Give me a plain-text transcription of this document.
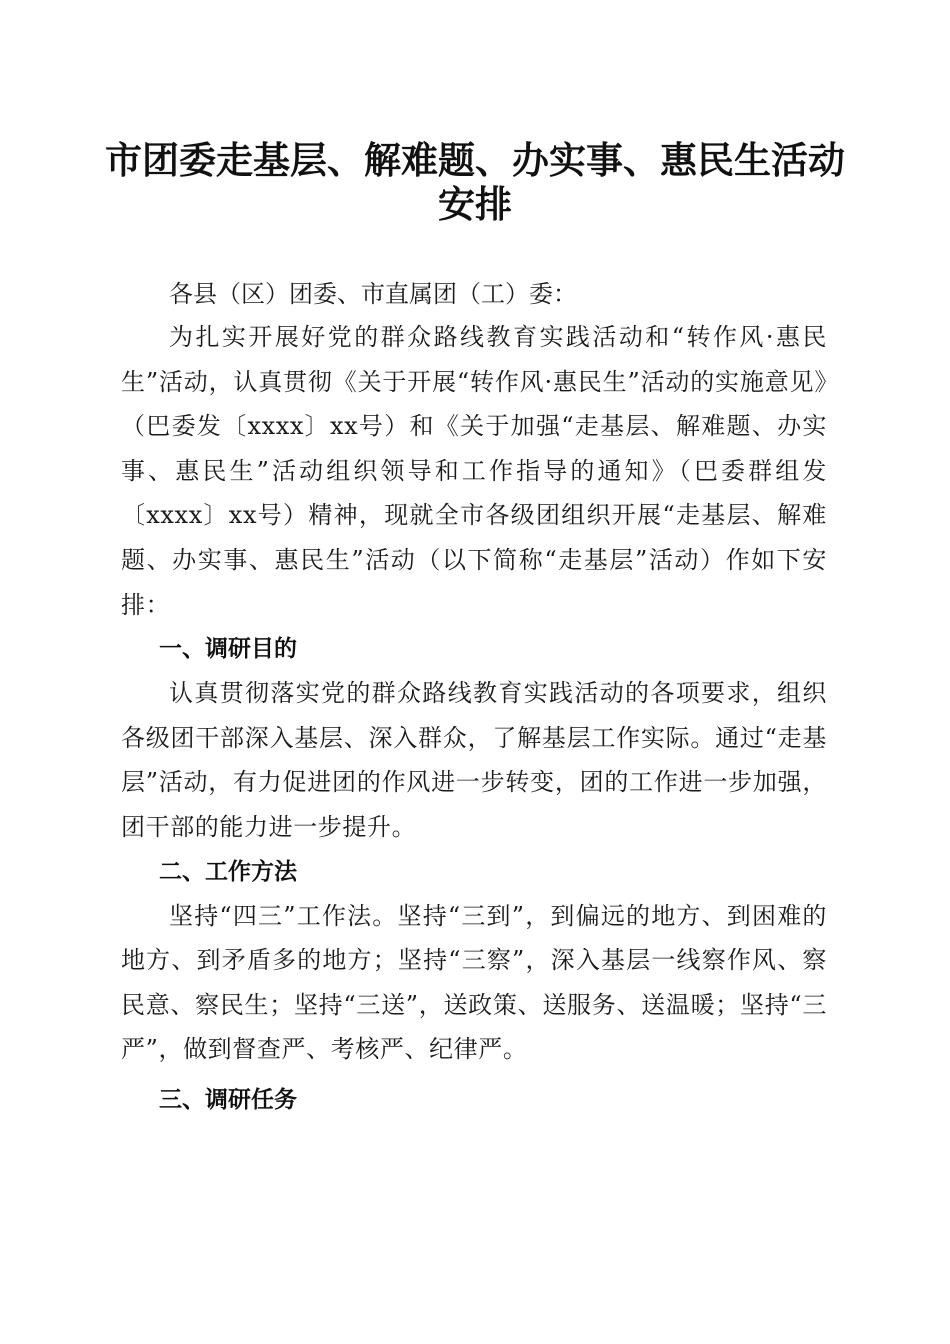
市团委走基层、解难题、办实事、惠民生活动
安排

各县（区）团委、市直属团（工）委：

为扎实开展好党的群众路线教育实践活动和“转作风·惠民生”活动，认真贯彻《关于开展“转作风·惠民生”活动的实施意见》（巴委发〔xxxx〕xx号）和《关于加强“走基层、解难题、办实事、惠民生”活动组织领导和工作指导的通知》（巴委群组发〔xxxx〕xx号）精神，现就全市各级团组织开展“走基层、解难题、办实事、惠民生”活动（以下简称“走基层”活动）作如下安排：

一、调研目的

认真贯彻落实党的群众路线教育实践活动的各项要求，组织各级团干部深入基层、深入群众，了解基层工作实际。通过“走基层”活动，有力促进团的作风进一步转变，团的工作进一步加强，团干部的能力进一步提升。

二、工作方法

坚持“四三”工作法。坚持“三到”，到偏远的地方、到困难的地方、到矛盾多的地方；坚持“三察”，深入基层一线察作风、察民意、察民生；坚持“三送”，送政策、送服务、送温暖；坚持“三严”，做到督查严、考核严、纪律严。

三、调研任务
